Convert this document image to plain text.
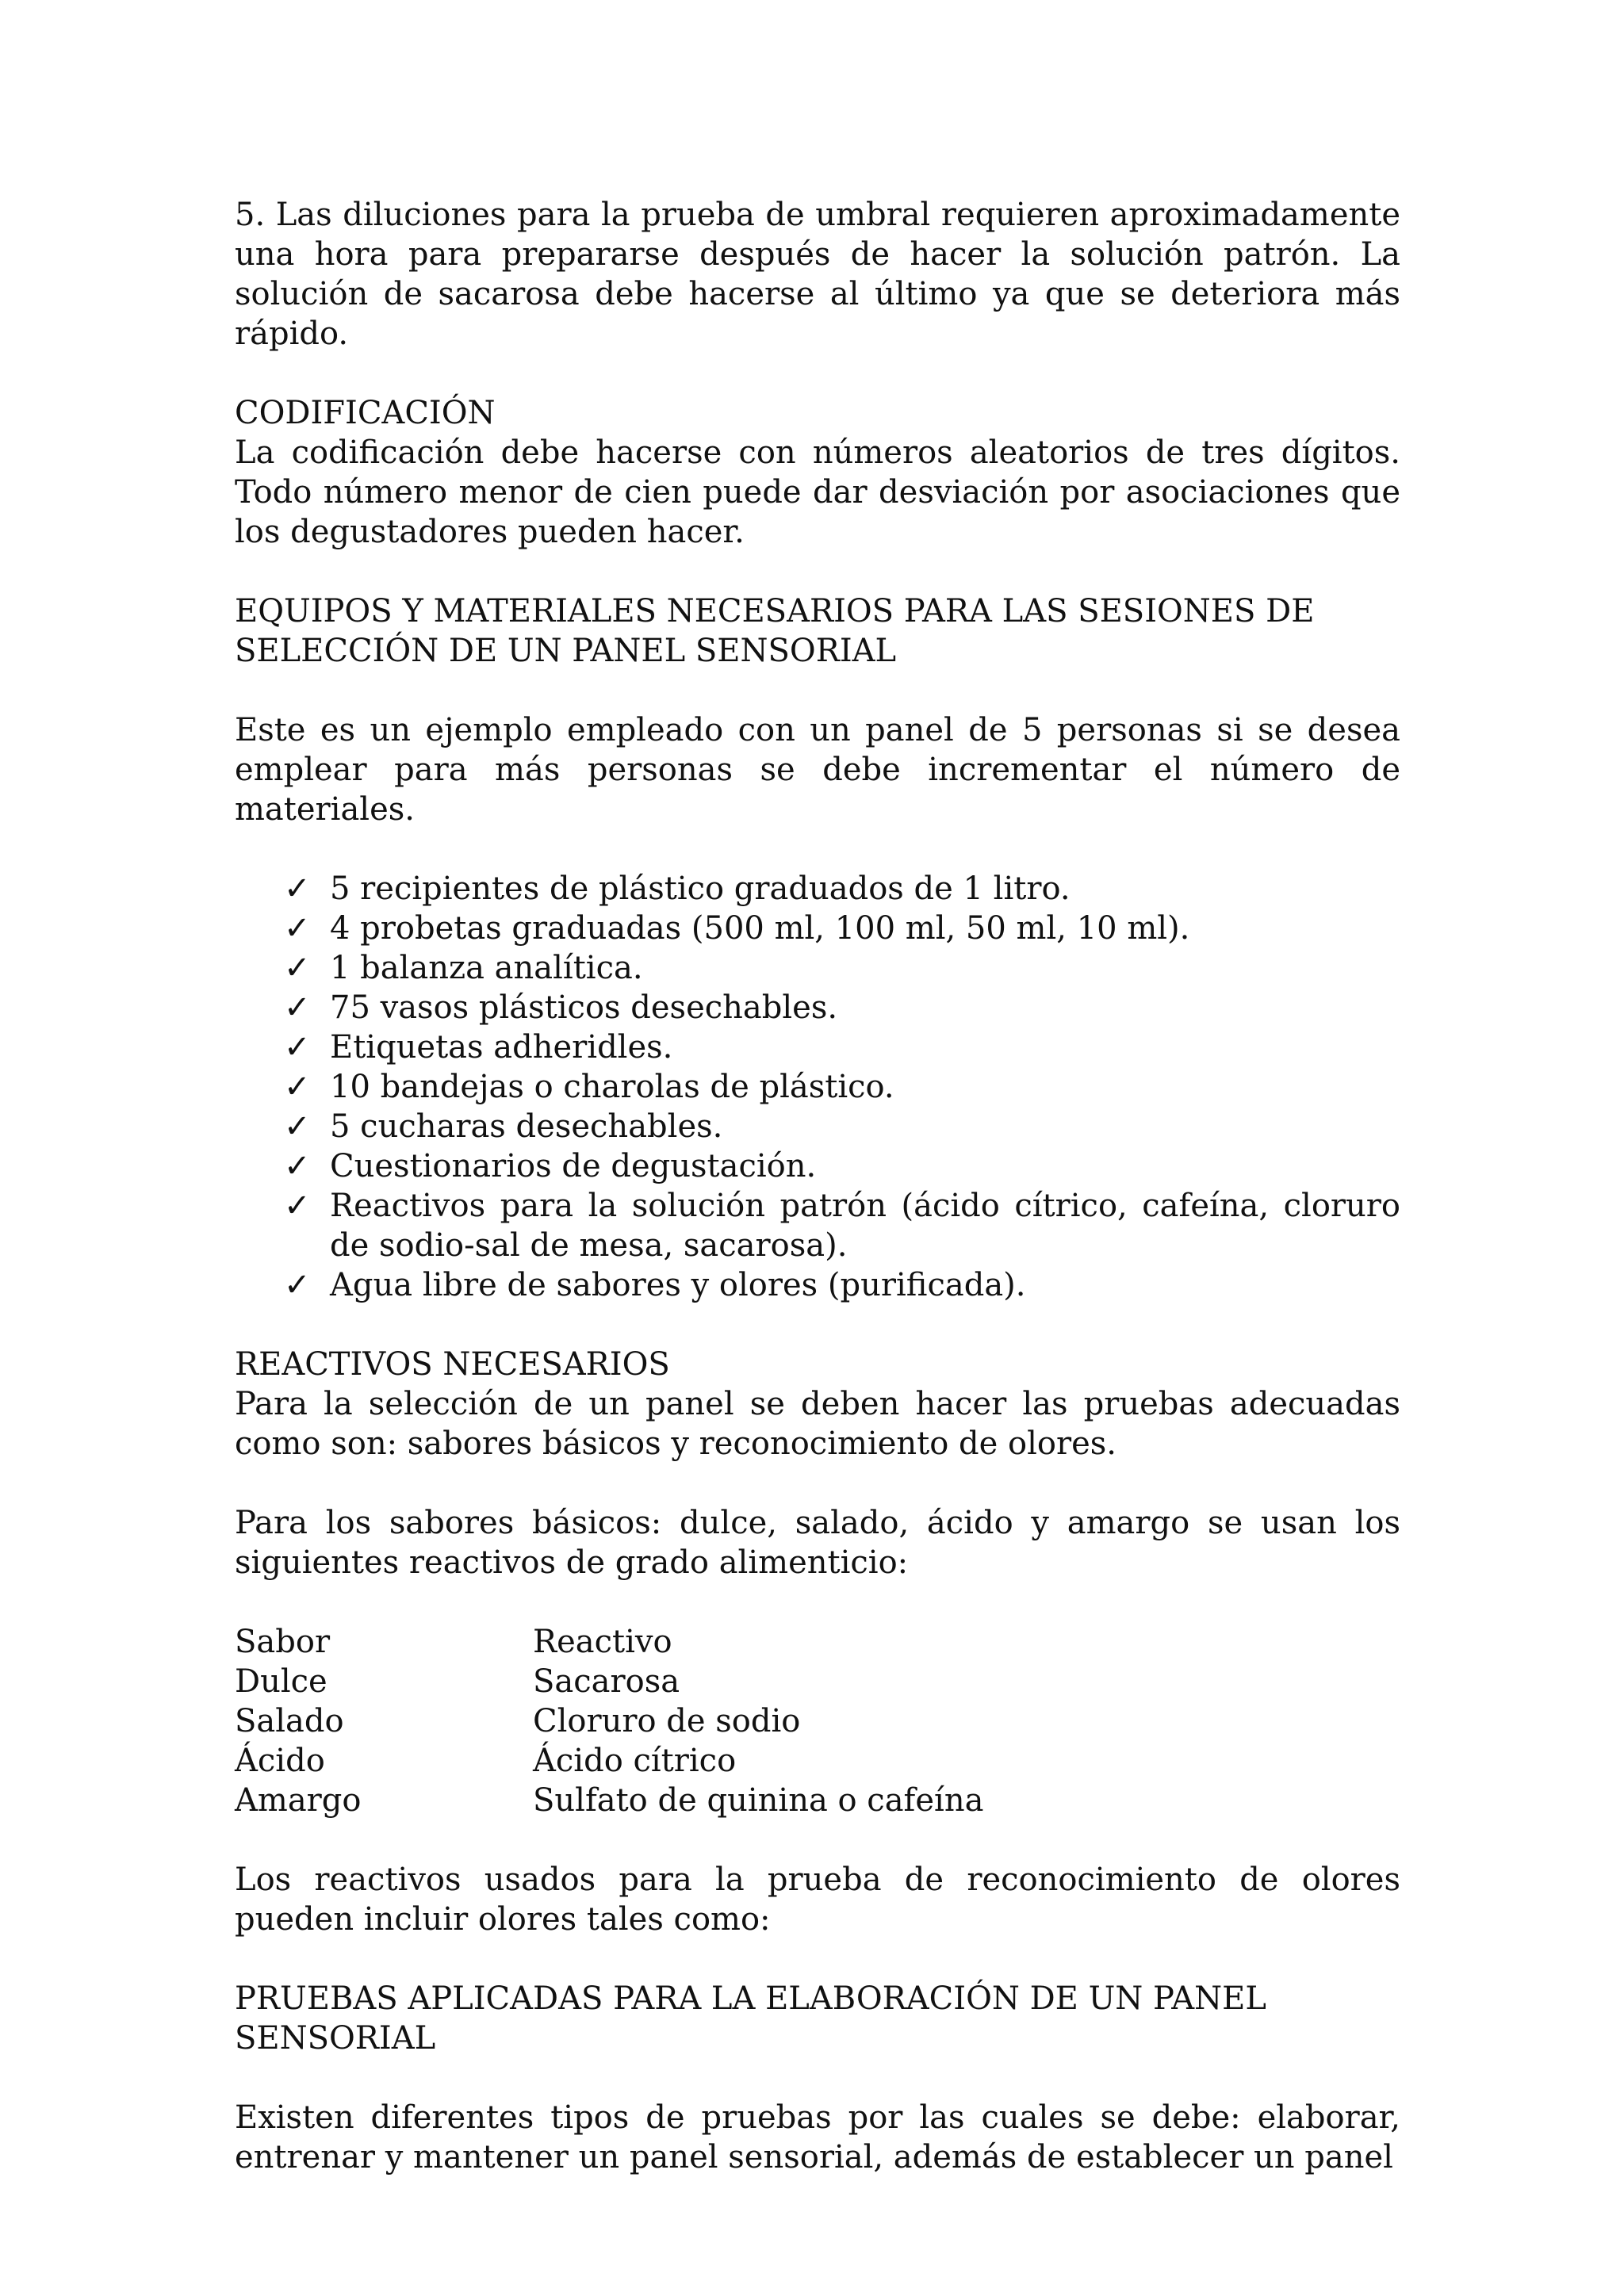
5. Las diluciones para la prueba de umbral requieren aproximadamente una hora para prepararse después de hacer la solución patrón. La solución de sacarosa debe hacerse al último ya que se deteriora más rápido.

CODIFICACIÓN

La codificación debe hacerse con números aleatorios de tres dígitos. Todo número menor de cien puede dar desviación por asociaciones que los degustadores pueden hacer.

EQUIPOS Y MATERIALES NECESARIOS PARA LAS SESIONES DE
SELECCIÓN DE UN PANEL SENSORIAL

Este es un ejemplo empleado con un panel de 5 personas si se desea emplear para más personas se debe incrementar el número de materiales.

✓ 5 recipientes de plástico graduados de 1 litro.
✓ 4 probetas graduadas (500 ml, 100 ml, 50 ml, 10 ml).
✓ 1 balanza analítica.
✓ 75 vasos plásticos desechables.
✓ Etiquetas adheridles.
✓ 10 bandejas o charolas de plástico.
✓ 5 cucharas desechables.
✓ Cuestionarios de degustación.
✓ Reactivos para la solución patrón (ácido cítrico, cafeína, cloruro de sodio-sal de mesa, sacarosa).
✓ Agua libre de sabores y olores (purificada).
REACTIVOS NECESARIOS

Para la selección de un panel se deben hacer las pruebas adecuadas como son: sabores básicos y reconocimiento de olores.

Para los sabores básicos: dulce, salado, ácido y amargo se usan los siguientes reactivos de grado alimenticio:

Sabor	Reactivo
Dulce	Sacarosa
Salado	Cloruro de sodio
Ácido	Ácido cítrico
Amargo	Sulfato de quinina o cafeína

Los reactivos usados para la prueba de reconocimiento de olores pueden incluir olores tales como:

PRUEBAS APLICADAS PARA LA ELABORACIÓN DE UN PANEL
SENSORIAL

Existen diferentes tipos de pruebas por las cuales se debe: elaborar, entrenar y mantener un panel sensorial, además de establecer un panel
